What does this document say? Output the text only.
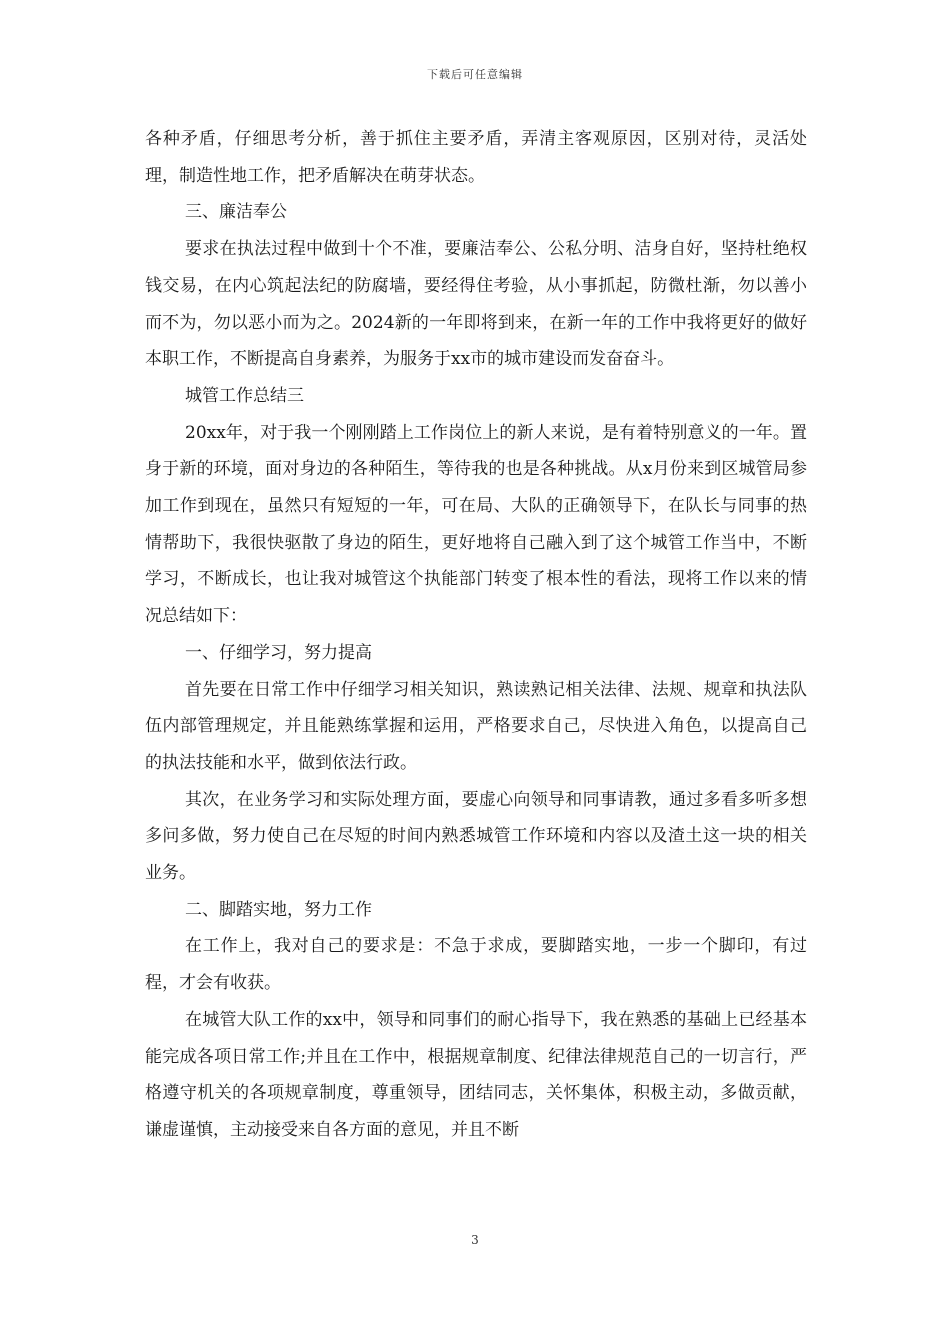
下载后可任意编辑

各种矛盾，仔细思考分析，善于抓住主要矛盾，弄清主客观原因，区别对待，灵活处理，制造性地工作，把矛盾解决在萌芽状态。

三、廉洁奉公

要求在执法过程中做到十个不准，要廉洁奉公、公私分明、洁身自好，坚持杜绝权钱交易，在内心筑起法纪的防腐墙，要经得住考验，从小事抓起，防微杜渐，勿以善小而不为，勿以恶小而为之。2024新的一年即将到来，在新一年的工作中我将更好的做好本职工作，不断提高自身素养，为服务于xx市的城市建设而发奋奋斗。

城管工作总结三

20xx年，对于我一个刚刚踏上工作岗位上的新人来说，是有着特别意义的一年。置身于新的环境，面对身边的各种陌生，等待我的也是各种挑战。从x月份来到区城管局参加工作到现在，虽然只有短短的一年，可在局、大队的正确领导下，在队长与同事的热情帮助下，我很快驱散了身边的陌生，更好地将自己融入到了这个城管工作当中，不断学习，不断成长，也让我对城管这个执能部门转变了根本性的看法，现将工作以来的情况总结如下：

一、仔细学习，努力提高

首先要在日常工作中仔细学习相关知识，熟读熟记相关法律、法规、规章和执法队伍内部管理规定，并且能熟练掌握和运用，严格要求自己，尽快进入角色，以提高自己的执法技能和水平，做到依法行政。

其次，在业务学习和实际处理方面，要虚心向领导和同事请教，通过多看多听多想多问多做，努力使自己在尽短的时间内熟悉城管工作环境和内容以及渣土这一块的相关业务。

二、脚踏实地，努力工作

在工作上，我对自己的要求是：不急于求成，要脚踏实地，一步一个脚印，有过程，才会有收获。

在城管大队工作的xx中，领导和同事们的耐心指导下，我在熟悉的基础上已经基本能完成各项日常工作;并且在工作中，根据规章制度、纪律法律规范自己的一切言行，严格遵守机关的各项规章制度，尊重领导，团结同志，关怀集体，积极主动，多做贡献，谦虚谨慎，主动接受来自各方面的意见，并且不断

3
